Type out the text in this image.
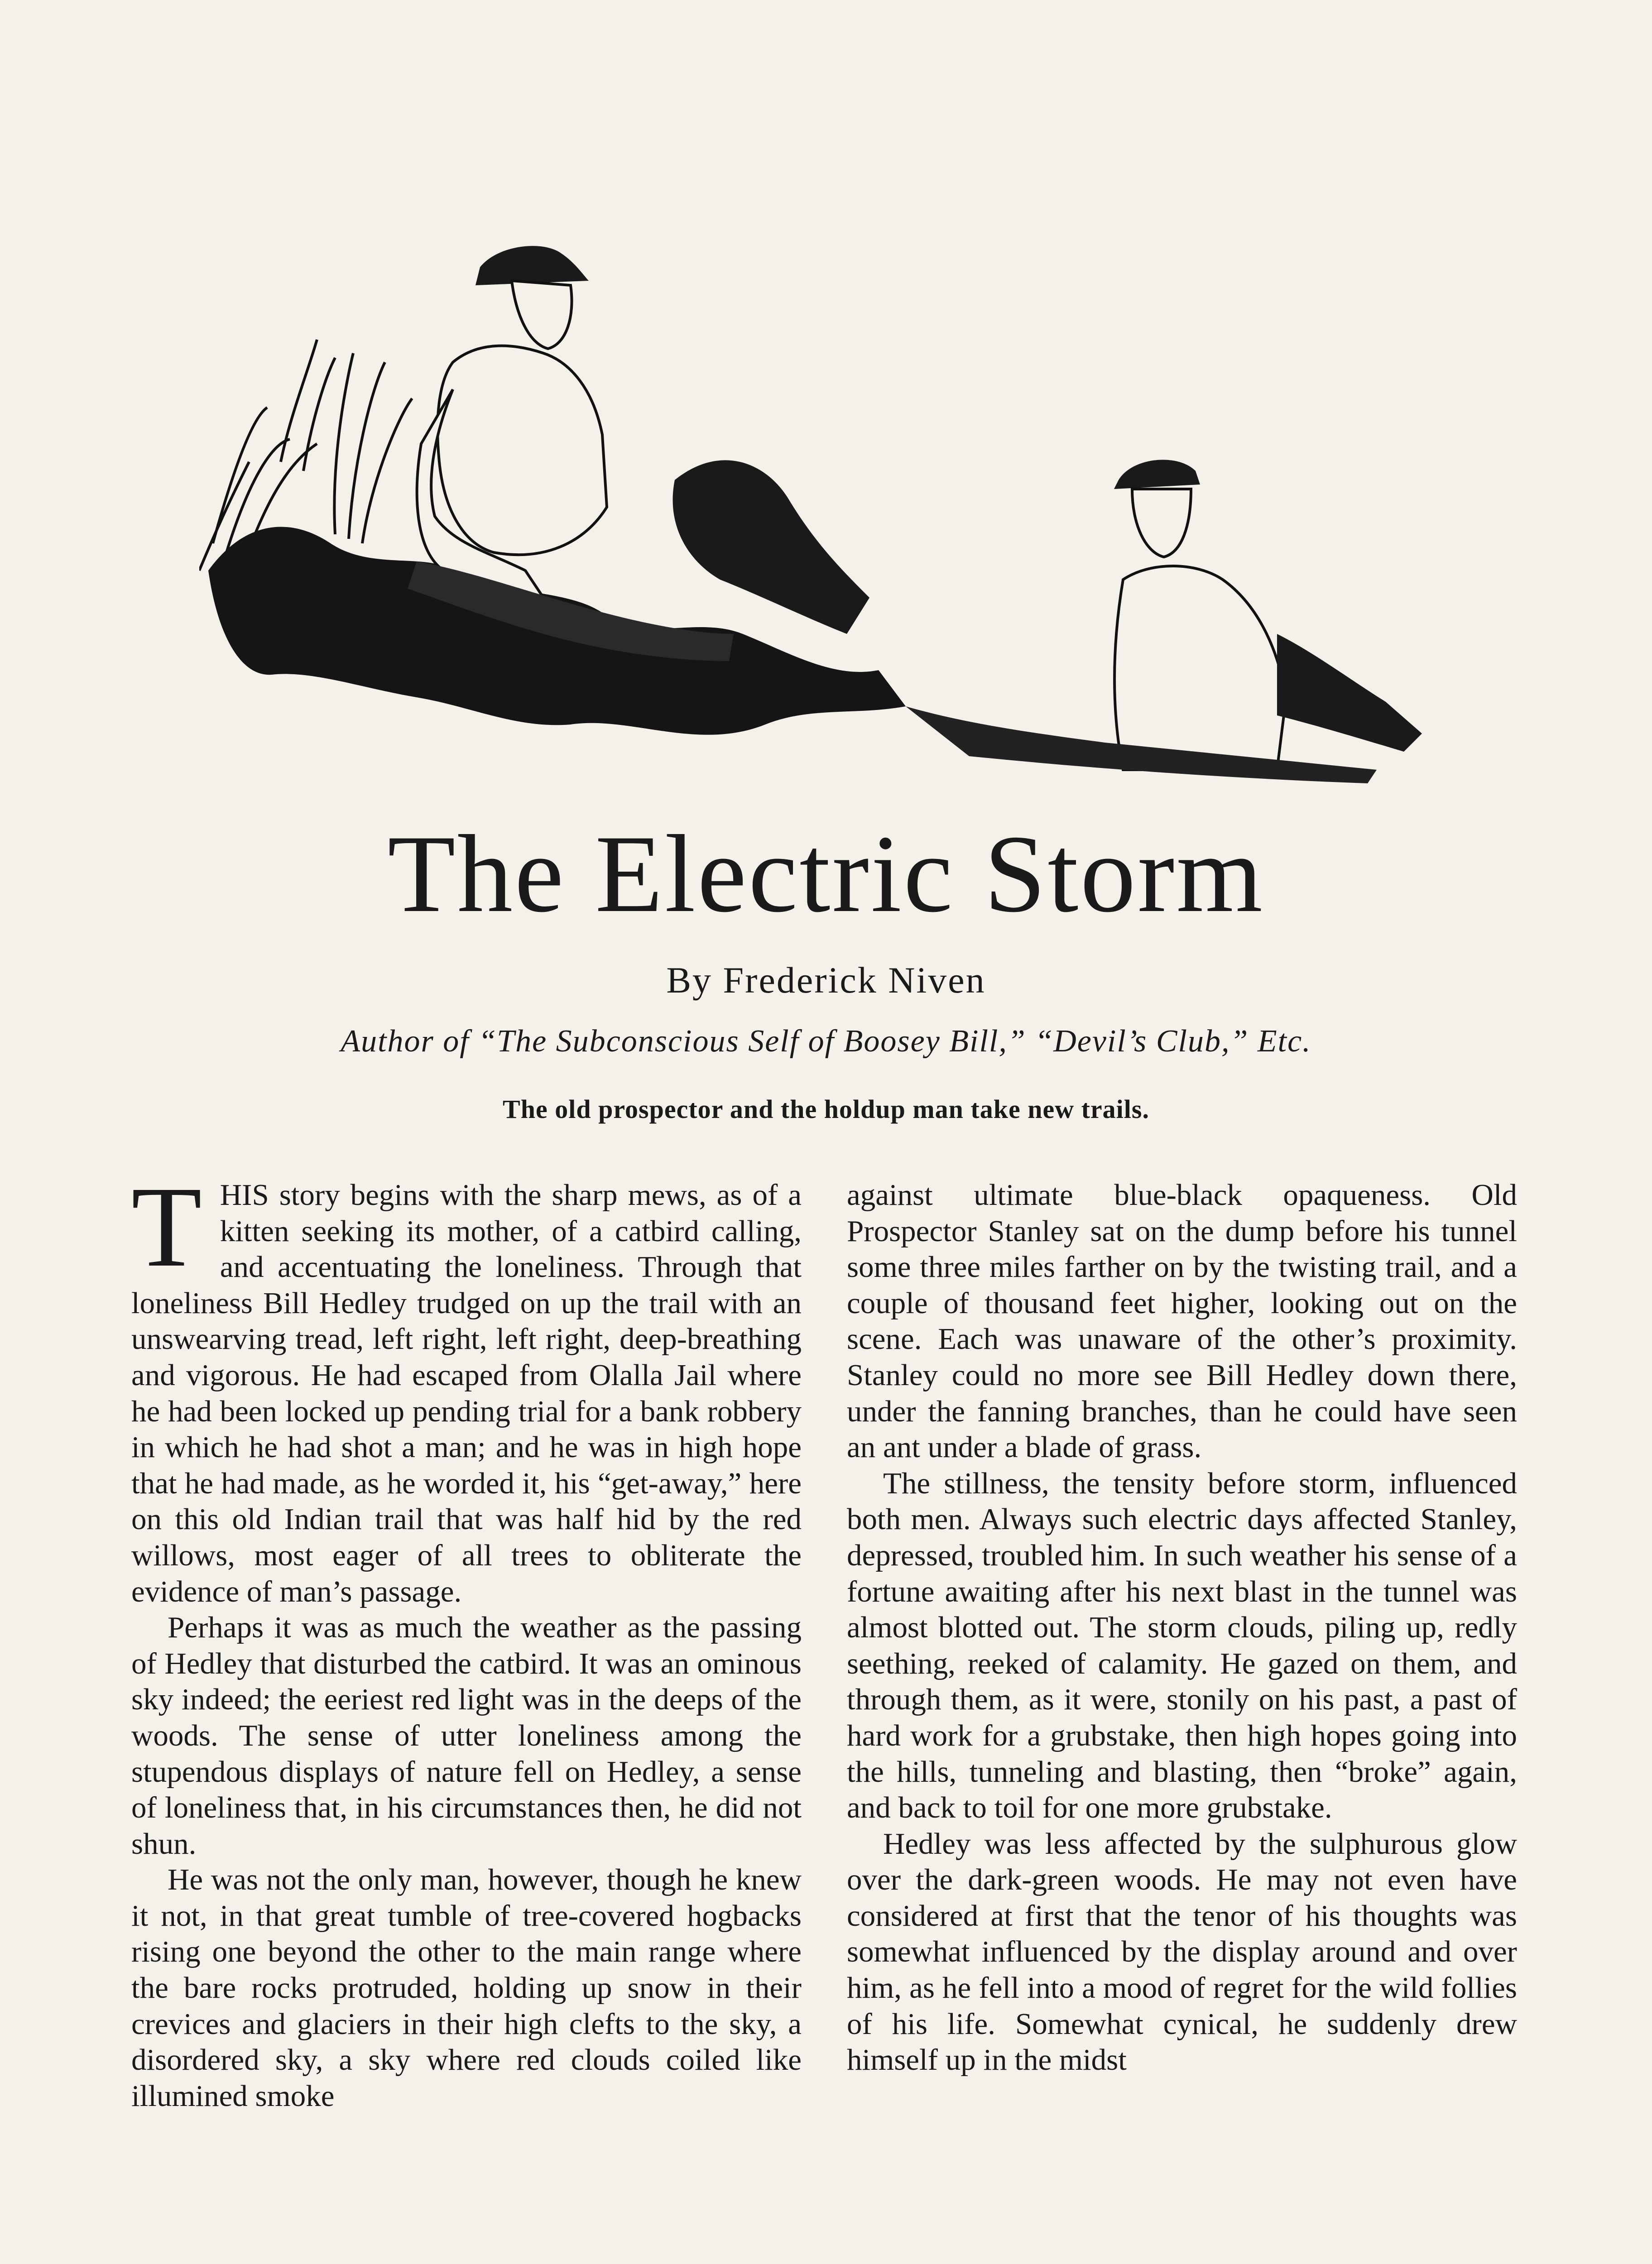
The Electric Storm
By Frederick Niven
Author of “The Subconscious Self of Boosey Bill,” “Devil’s Club,” Etc.
The old prospector and the holdup man take new trails.

THIS story begins with the sharp mews, as of a kitten seeking its mother, of a catbird calling, and accentuating the loneliness. Through that loneliness Bill Hedley trudged on up the trail with an unswearving tread, left right, left right, deep-breathing and vigorous. He had escaped from Olalla Jail where he had been locked up pending trial for a bank robbery in which he had shot a man; and he was in high hope that he had made, as he worded it, his “get-away,” here on this old Indian trail that was half hid by the red willows, most eager of all trees to obliterate the evidence of man’s passage.

Perhaps it was as much the weather as the passing of Hedley that disturbed the catbird. It was an ominous sky indeed; the eeriest red light was in the deeps of the woods. The sense of utter loneliness among the stupendous displays of nature fell on Hedley, a sense of loneliness that, in his circumstances then, he did not shun.

He was not the only man, however, though he knew it not, in that great tumble of tree-covered hogbacks rising one beyond the other to the main range where the bare rocks protruded, holding up snow in their crevices and glaciers in their high clefts to the sky, a disordered sky, a sky where red clouds coiled like illumined smoke

against ultimate blue-black opaqueness. Old Prospector Stanley sat on the dump before his tunnel some three miles farther on by the twisting trail, and a couple of thousand feet higher, looking out on the scene. Each was unaware of the other’s proximity. Stanley could no more see Bill Hedley down there, under the fanning branches, than he could have seen an ant under a blade of grass.

The stillness, the tensity before storm, influenced both men. Always such electric days affected Stanley, depressed, troubled him. In such weather his sense of a fortune awaiting after his next blast in the tunnel was almost blotted out. The storm clouds, piling up, redly seething, reeked of calamity. He gazed on them, and through them, as it were, stonily on his past, a past of hard work for a grubstake, then high hopes going into the hills, tunneling and blasting, then “broke” again, and back to toil for one more grubstake.

Hedley was less affected by the sulphurous glow over the dark-green woods. He may not even have considered at first that the tenor of his thoughts was somewhat influenced by the display around and over him, as he fell into a mood of regret for the wild follies of his life. Somewhat cynical, he suddenly drew himself up in the midst
